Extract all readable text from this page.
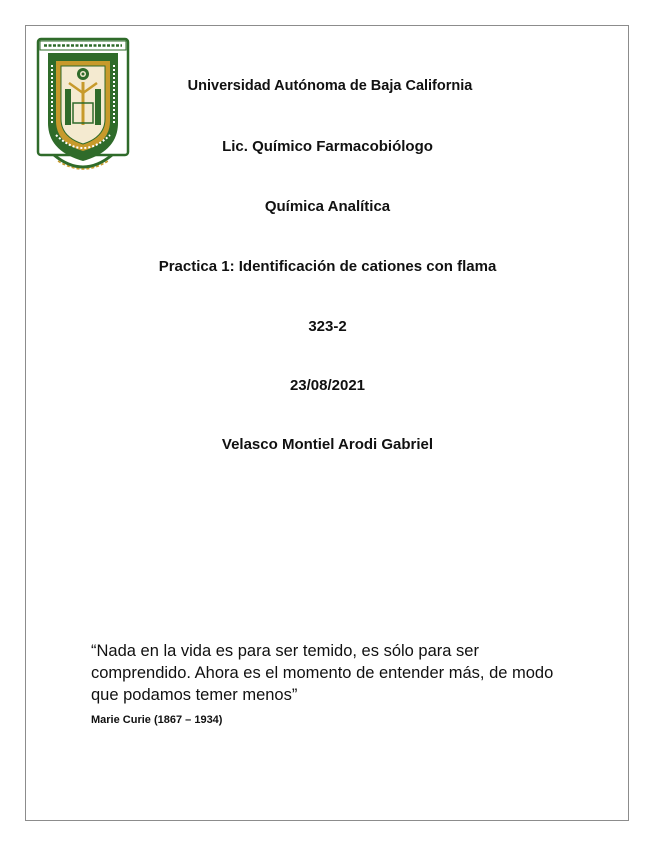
Universidad Autónoma de Baja California
Lic. Químico Farmacobiólogo
Química Analítica
Practica 1: Identificación de cationes con flama
323-2
23/08/2021
Velasco Montiel Arodi Gabriel
“Nada en la vida es para ser temido, es sólo para ser comprendido. Ahora es el momento de entender más, de modo que podamos temer menos”
Marie Curie (1867 – 1934)
